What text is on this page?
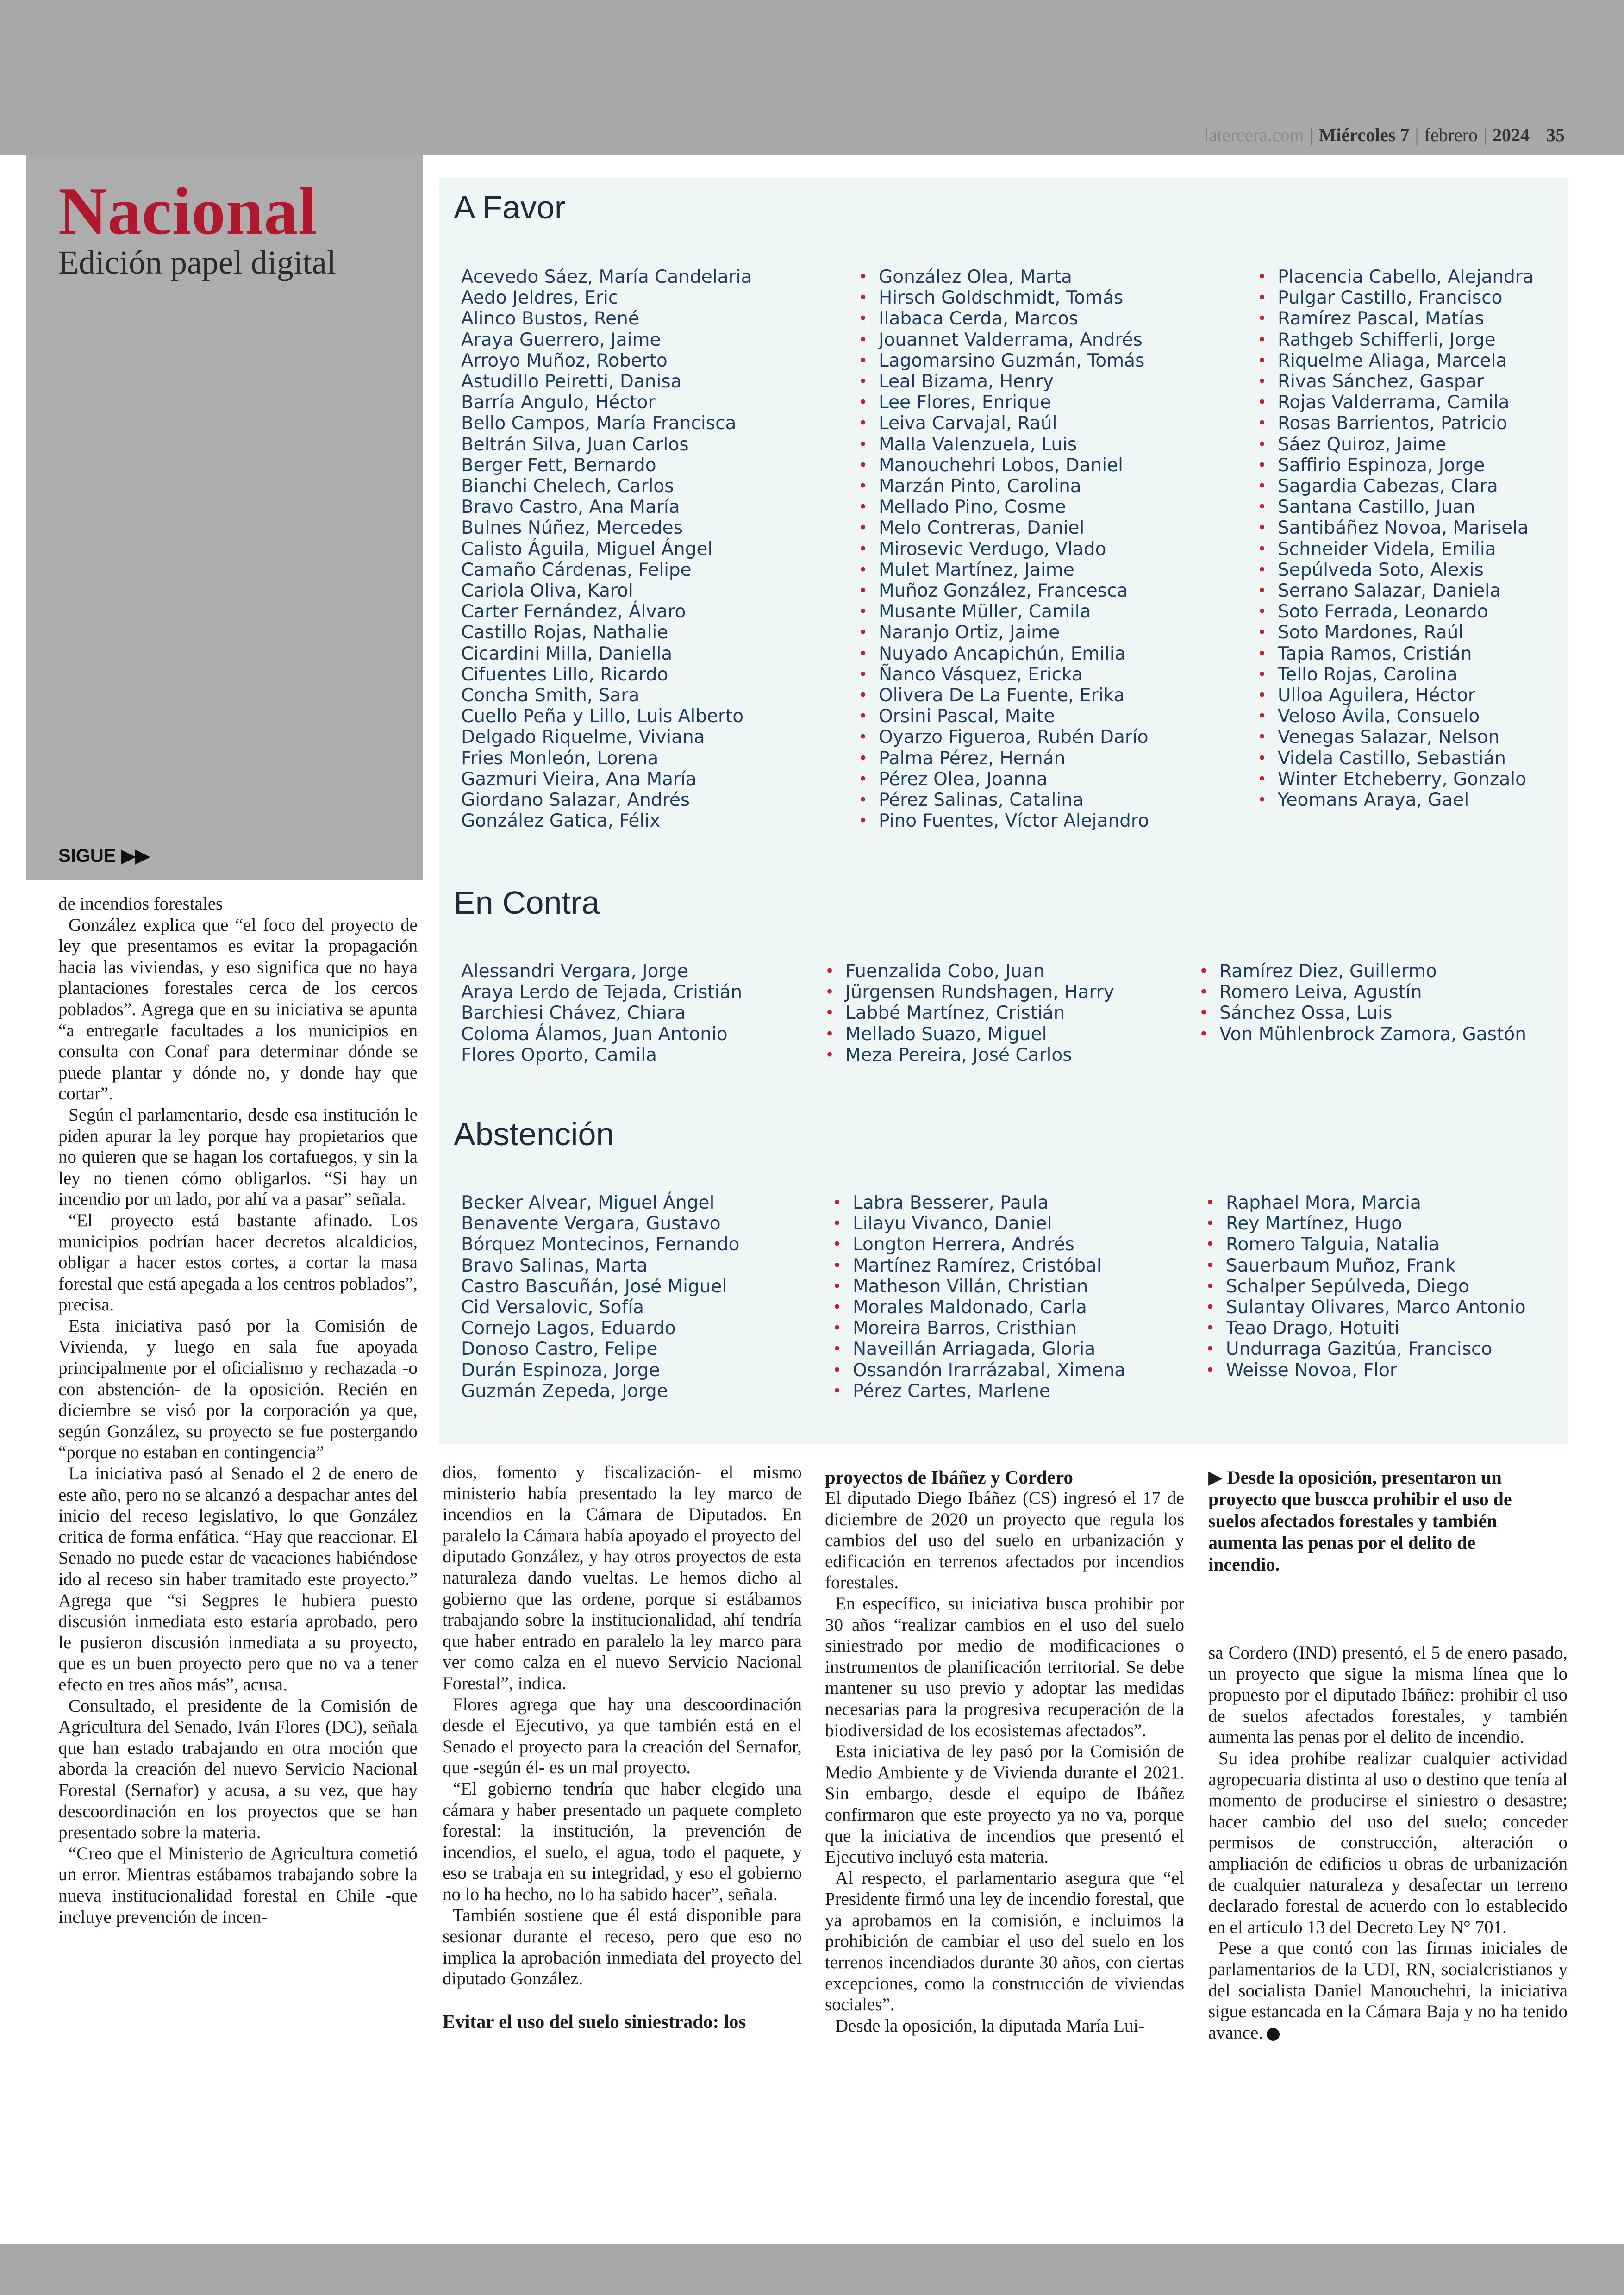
latercera.com | Miércoles 7 | febrero | 2024 35
Nacional
Edición papel digital
SIGUE ▶▶
A Favor
Acevedo Sáez, María Candelaria
Aedo Jeldres, Eric
Alinco Bustos, René
Araya Guerrero, Jaime
Arroyo Muñoz, Roberto
Astudillo Peiretti, Danisa
Barría Angulo, Héctor
Bello Campos, María Francisca
Beltrán Silva, Juan Carlos
Berger Fett, Bernardo
Bianchi Chelech, Carlos
Bravo Castro, Ana María
Bulnes Núñez, Mercedes
Calisto Águila, Miguel Ángel
Camaño Cárdenas, Felipe
Cariola Oliva, Karol
Carter Fernández, Álvaro
Castillo Rojas, Nathalie
Cicardini Milla, Daniella
Cifuentes Lillo, Ricardo
Concha Smith, Sara
Cuello Peña y Lillo, Luis Alberto
Delgado Riquelme, Viviana
Fries Monleón, Lorena
Gazmuri Vieira, Ana María
Giordano Salazar, Andrés
González Gatica, Félix
• González Olea, Marta
• Hirsch Goldschmidt, Tomás
• Ilabaca Cerda, Marcos
• Jouannet Valderrama, Andrés
• Lagomarsino Guzmán, Tomás
• Leal Bizama, Henry
• Lee Flores, Enrique
• Leiva Carvajal, Raúl
• Malla Valenzuela, Luis
• Manouchehri Lobos, Daniel
• Marzán Pinto, Carolina
• Mellado Pino, Cosme
• Melo Contreras, Daniel
• Mirosevic Verdugo, Vlado
• Mulet Martínez, Jaime
• Muñoz González, Francesca
• Musante Müller, Camila
• Naranjo Ortiz, Jaime
• Nuyado Ancapichún, Emilia
• Ñanco Vásquez, Ericka
• Olivera De La Fuente, Erika
• Orsini Pascal, Maite
• Oyarzo Figueroa, Rubén Darío
• Palma Pérez, Hernán
• Pérez Olea, Joanna
• Pérez Salinas, Catalina
• Pino Fuentes, Víctor Alejandro
• Placencia Cabello, Alejandra
• Pulgar Castillo, Francisco
• Ramírez Pascal, Matías
• Rathgeb Schifferli, Jorge
• Riquelme Aliaga, Marcela
• Rivas Sánchez, Gaspar
• Rojas Valderrama, Camila
• Rosas Barrientos, Patricio
• Sáez Quiroz, Jaime
• Saffirio Espinoza, Jorge
• Sagardia Cabezas, Clara
• Santana Castillo, Juan
• Santibáñez Novoa, Marisela
• Schneider Videla, Emilia
• Sepúlveda Soto, Alexis
• Serrano Salazar, Daniela
• Soto Ferrada, Leonardo
• Soto Mardones, Raúl
• Tapia Ramos, Cristián
• Tello Rojas, Carolina
• Ulloa Aguilera, Héctor
• Veloso Ávila, Consuelo
• Venegas Salazar, Nelson
• Videla Castillo, Sebastián
• Winter Etcheberry, Gonzalo
• Yeomans Araya, Gael
En Contra
Alessandri Vergara, Jorge
Araya Lerdo de Tejada, Cristián
Barchiesi Chávez, Chiara
Coloma Álamos, Juan Antonio
Flores Oporto, Camila
• Fuenzalida Cobo, Juan
• Jürgensen Rundshagen, Harry
• Labbé Martínez, Cristián
• Mellado Suazo, Miguel
• Meza Pereira, José Carlos
• Ramírez Diez, Guillermo
• Romero Leiva, Agustín
• Sánchez Ossa, Luis
• Von Mühlenbrock Zamora, Gastón
Abstención
Becker Alvear, Miguel Ángel
Benavente Vergara, Gustavo
Bórquez Montecinos, Fernando
Bravo Salinas, Marta
Castro Bascuñán, José Miguel
Cid Versalovic, Sofía
Cornejo Lagos, Eduardo
Donoso Castro, Felipe
Durán Espinoza, Jorge
Guzmán Zepeda, Jorge
• Labra Besserer, Paula
• Lilayu Vivanco, Daniel
• Longton Herrera, Andrés
• Martínez Ramírez, Cristóbal
• Matheson Villán, Christian
• Morales Maldonado, Carla
• Moreira Barros, Cristhian
• Naveillán Arriagada, Gloria
• Ossandón Irarrázabal, Ximena
• Pérez Cartes, Marlene
• Raphael Mora, Marcia
• Rey Martínez, Hugo
• Romero Talguia, Natalia
• Sauerbaum Muñoz, Frank
• Schalper Sepúlveda, Diego
• Sulantay Olivares, Marco Antonio
• Teao Drago, Hotuiti
• Undurraga Gazitúa, Francisco
• Weisse Novoa, Flor

de incendios forestales

González explica que “el foco del proyecto de ley que presentamos es evitar la propagación hacia las viviendas, y eso significa que no haya plantaciones forestales cerca de los cercos poblados”. Agrega que en su iniciativa se apunta “a entregarle facultades a los municipios en consulta con Conaf para determinar dónde se puede plantar y dónde no, y donde hay que cortar”.

Según el parlamentario, desde esa institución le piden apurar la ley porque hay propietarios que no quieren que se hagan los cortafuegos, y sin la ley no tienen cómo obligarlos. “Si hay un incendio por un lado, por ahí va a pasar” señala.

“El proyecto está bastante afinado. Los municipios podrían hacer decretos alcaldicios, obligar a hacer estos cortes, a cortar la masa forestal que está apegada a los centros poblados”, precisa.

Esta iniciativa pasó por la Comisión de Vivienda, y luego en sala fue apoyada principalmente por el oficialismo y rechazada -o con abstención- de la oposición. Recién en diciembre se visó por la corporación ya que, según González, su proyecto se fue postergando “porque no estaban en contingencia”

La iniciativa pasó al Senado el 2 de enero de este año, pero no se alcanzó a despachar antes del inicio del receso legislativo, lo que González critica de forma enfática. “Hay que reaccionar. El Senado no puede estar de vacaciones habiéndose ido al receso sin haber tramitado este proyecto.” Agrega que “si Segpres le hubiera puesto discusión inmediata esto estaría aprobado, pero le pusieron discusión inmediata a su proyecto, que es un buen proyecto pero que no va a tener efecto en tres años más”, acusa.

Consultado, el presidente de la Comisión de Agricultura del Senado, Iván Flores (DC), señala que han estado trabajando en otra moción que aborda la creación del nuevo Servicio Nacional Forestal (Sernafor) y acusa, a su vez, que hay descoordinación en los proyectos que se han presentado sobre la materia.

“Creo que el Ministerio de Agricultura cometió un error. Mientras estábamos trabajando sobre la nueva institucionalidad forestal en Chile -que incluye prevención de incen-

dios, fomento y fiscalización- el mismo ministerio había presentado la ley marco de incendios en la Cámara de Diputados. En paralelo la Cámara había apoyado el proyecto del diputado González, y hay otros proyectos de esta naturaleza dando vueltas. Le hemos dicho al gobierno que las ordene, porque si estábamos trabajando sobre la institucionalidad, ahí tendría que haber entrado en paralelo la ley marco para ver como calza en el nuevo Servicio Nacional Forestal”, indica.

Flores agrega que hay una descoordinación desde el Ejecutivo, ya que también está en el Senado el proyecto para la creación del Sernafor, que -según él- es un mal proyecto.

“El gobierno tendría que haber elegido una cámara y haber presentado un paquete completo forestal: la institución, la prevención de incendios, el suelo, el agua, todo el paquete, y eso se trabaja en su integridad, y eso el gobierno no lo ha hecho, no lo ha sabido hacer”, señala.

También sostiene que él está disponible para sesionar durante el receso, pero que eso no implica la aprobación inmediata del proyecto del diputado González.

Evitar el uso del suelo siniestrado: los
proyectos de Ibáñez y Cordero

El diputado Diego Ibáñez (CS) ingresó el 17 de diciembre de 2020 un proyecto que regula los cambios del uso del suelo en urbanización y edificación en terrenos afectados por incendios forestales.

En específico, su iniciativa busca prohibir por 30 años “realizar cambios en el uso del suelo siniestrado por medio de modificaciones o instrumentos de planificación territorial. Se debe mantener su uso previo y adoptar las medidas necesarias para la progresiva recuperación de la biodiversidad de los ecosistemas afectados”.

Esta iniciativa de ley pasó por la Comisión de Medio Ambiente y de Vivienda durante el 2021. Sin embargo, desde el equipo de Ibáñez confirmaron que este proyecto ya no va, porque que la iniciativa de incendios que presentó el Ejecutivo incluyó esta materia.

Al respecto, el parlamentario asegura que “el Presidente firmó una ley de incendio forestal, que ya aprobamos en la comisión, e incluimos la prohibición de cambiar el uso del suelo en los terrenos incendiados durante 30 años, con ciertas excepciones, como la construcción de viviendas sociales”.

Desde la oposición, la diputada María Lui-

▶ Desde la oposición, presentaron un proyecto que buscca prohibir el uso de suelos afectados forestales y también aumenta las penas por el delito de incendio.

sa Cordero (IND) presentó, el 5 de enero pasado, un proyecto que sigue la misma línea que lo propuesto por el diputado Ibáñez: prohibir el uso de suelos afectados forestales, y también aumenta las penas por el delito de incendio.

Su idea prohíbe realizar cualquier actividad agropecuaria distinta al uso o destino que tenía al momento de producirse el siniestro o desastre; hacer cambio del uso del suelo; conceder permisos de construcción, alteración o ampliación de edificios u obras de urbanización de cualquier naturaleza y desafectar un terreno declarado forestal de acuerdo con lo establecido en el artículo 13 del Decreto Ley N° 701.

Pese a que contó con las firmas iniciales de parlamentarios de la UDI, RN, socialcristianos y del socialista Daniel Manouchehri, la iniciativa sigue estancada en la Cámara Baja y no ha tenido avance.
